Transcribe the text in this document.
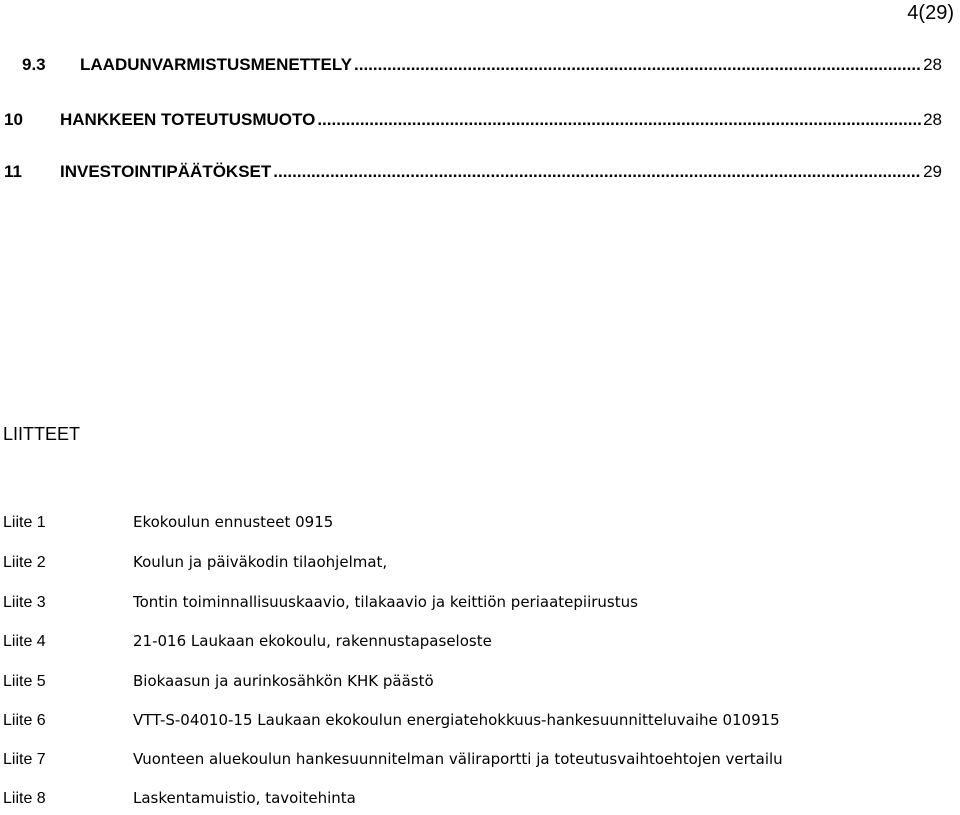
4(29)
9.3	LAADUNVARMISTUSMENETTELY .....	28
10	HANKKEEN TOTEUTUSMUOTO .....	28
11	INVESTOINTIPÄÄTÖKSET .....	29
LIITTEET
Liite 1	Ekokoulun ennusteet 0915
Liite 2	Koulun ja päiväkodin tilaohjelmat,
Liite 3	Tontin toiminnallisuuskaavio, tilakaavio ja keittiön periaatepiirustus
Liite 4	21-016 Laukaan ekokoulu, rakennustapaseloste
Liite 5	Biokaasun ja aurinkosähkön KHK päästö
Liite 6	VTT-S-04010-15 Laukaan ekokoulun energiatehokkuus-hankesuunnitteluvaihe 010915
Liite 7	Vuonteen aluekoulun hankesuunnitelman väliraportti ja toteutusvaihtoehtojen vertailu
Liite 8	Laskentamuistio, tavoitehinta
